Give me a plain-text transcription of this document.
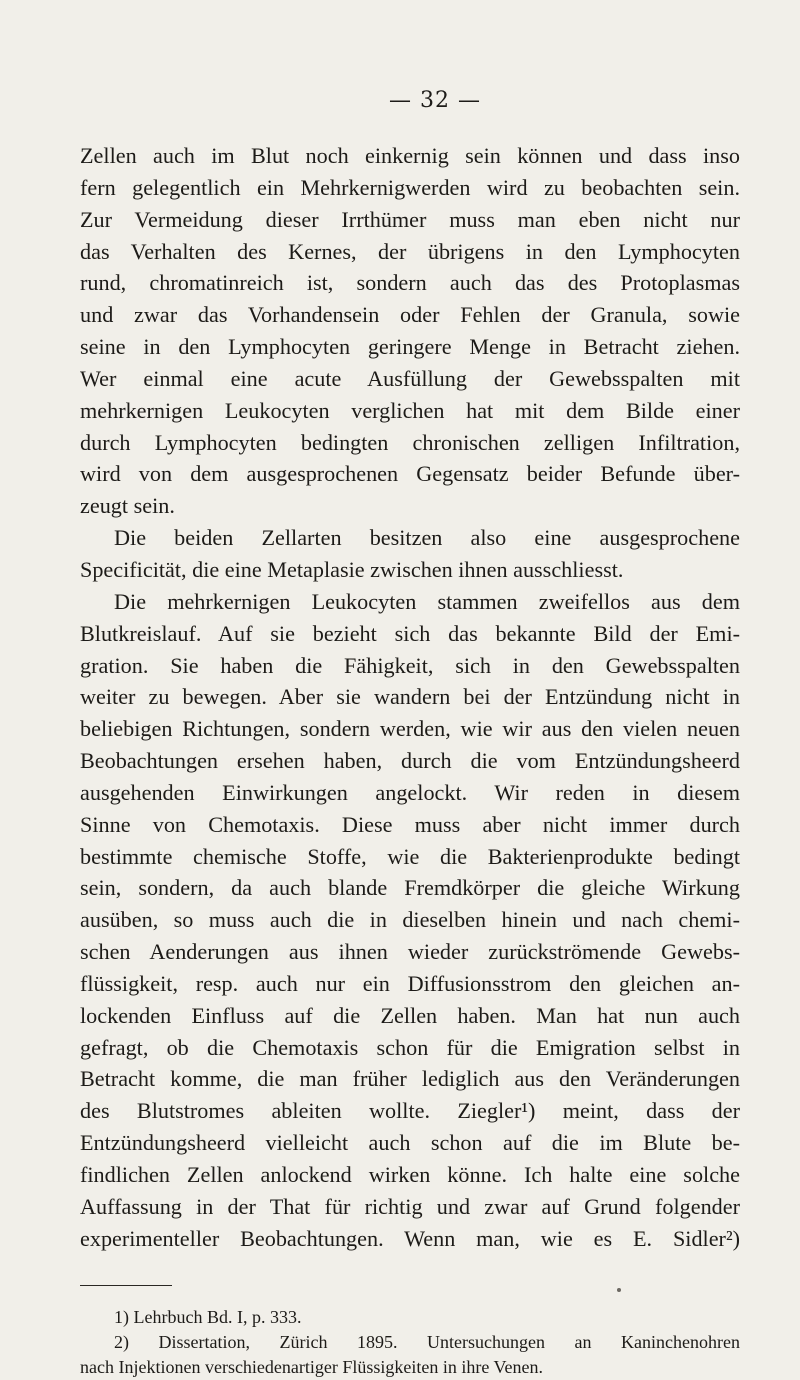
— 32 —
Zellen auch im Blut noch einkernig sein können und dass inso
fern gelegentlich ein Mehrkernigwerden wird zu beobachten sein.
Zur Vermeidung dieser Irrthümer muss man eben nicht nur
das Verhalten des Kernes, der übrigens in den Lymphocyten
rund, chromatinreich ist, sondern auch das des Protoplasmas
und zwar das Vorhandensein oder Fehlen der Granula, sowie
seine in den Lymphocyten geringere Menge in Betracht ziehen.
Wer einmal eine acute Ausfüllung der Gewebsspalten mit
mehrkernigen Leukocyten verglichen hat mit dem Bilde einer
durch Lymphocyten bedingten chronischen zelligen Infiltration,
wird von dem ausgesprochenen Gegensatz beider Befunde über-
zeugt sein.
Die beiden Zellarten besitzen also eine ausgesprochene
Specificität, die eine Metaplasie zwischen ihnen ausschliesst.
Die mehrkernigen Leukocyten stammen zweifellos aus dem
Blutkreislauf. Auf sie bezieht sich das bekannte Bild der Emi-
gration. Sie haben die Fähigkeit, sich in den Gewebsspalten
weiter zu bewegen. Aber sie wandern bei der Entzündung nicht in
beliebigen Richtungen, sondern werden, wie wir aus den vielen neuen
Beobachtungen ersehen haben, durch die vom Entzündungsheerd
ausgehenden Einwirkungen angelockt. Wir reden in diesem
Sinne von Chemotaxis. Diese muss aber nicht immer durch
bestimmte chemische Stoffe, wie die Bakterienprodukte bedingt
sein, sondern, da auch blande Fremdkörper die gleiche Wirkung
ausüben, so muss auch die in dieselben hinein und nach chemi-
schen Aenderungen aus ihnen wieder zurückströmende Gewebs-
flüssigkeit, resp. auch nur ein Diffusionsstrom den gleichen an-
lockenden Einfluss auf die Zellen haben. Man hat nun auch
gefragt, ob die Chemotaxis schon für die Emigration selbst in
Betracht komme, die man früher lediglich aus den Veränderungen
des Blutstromes ableiten wollte. Ziegler¹) meint, dass der
Entzündungsheerd vielleicht auch schon auf die im Blute be-
findlichen Zellen anlockend wirken könne. Ich halte eine solche
Auffassung in der That für richtig und zwar auf Grund folgender
experimenteller Beobachtungen. Wenn man, wie es E. Sidler²)
1) Lehrbuch Bd. I, p. 333.
2) Dissertation, Zürich 1895. Untersuchungen an Kaninchenohren
nach Injektionen verschiedenartiger Flüssigkeiten in ihre Venen.
